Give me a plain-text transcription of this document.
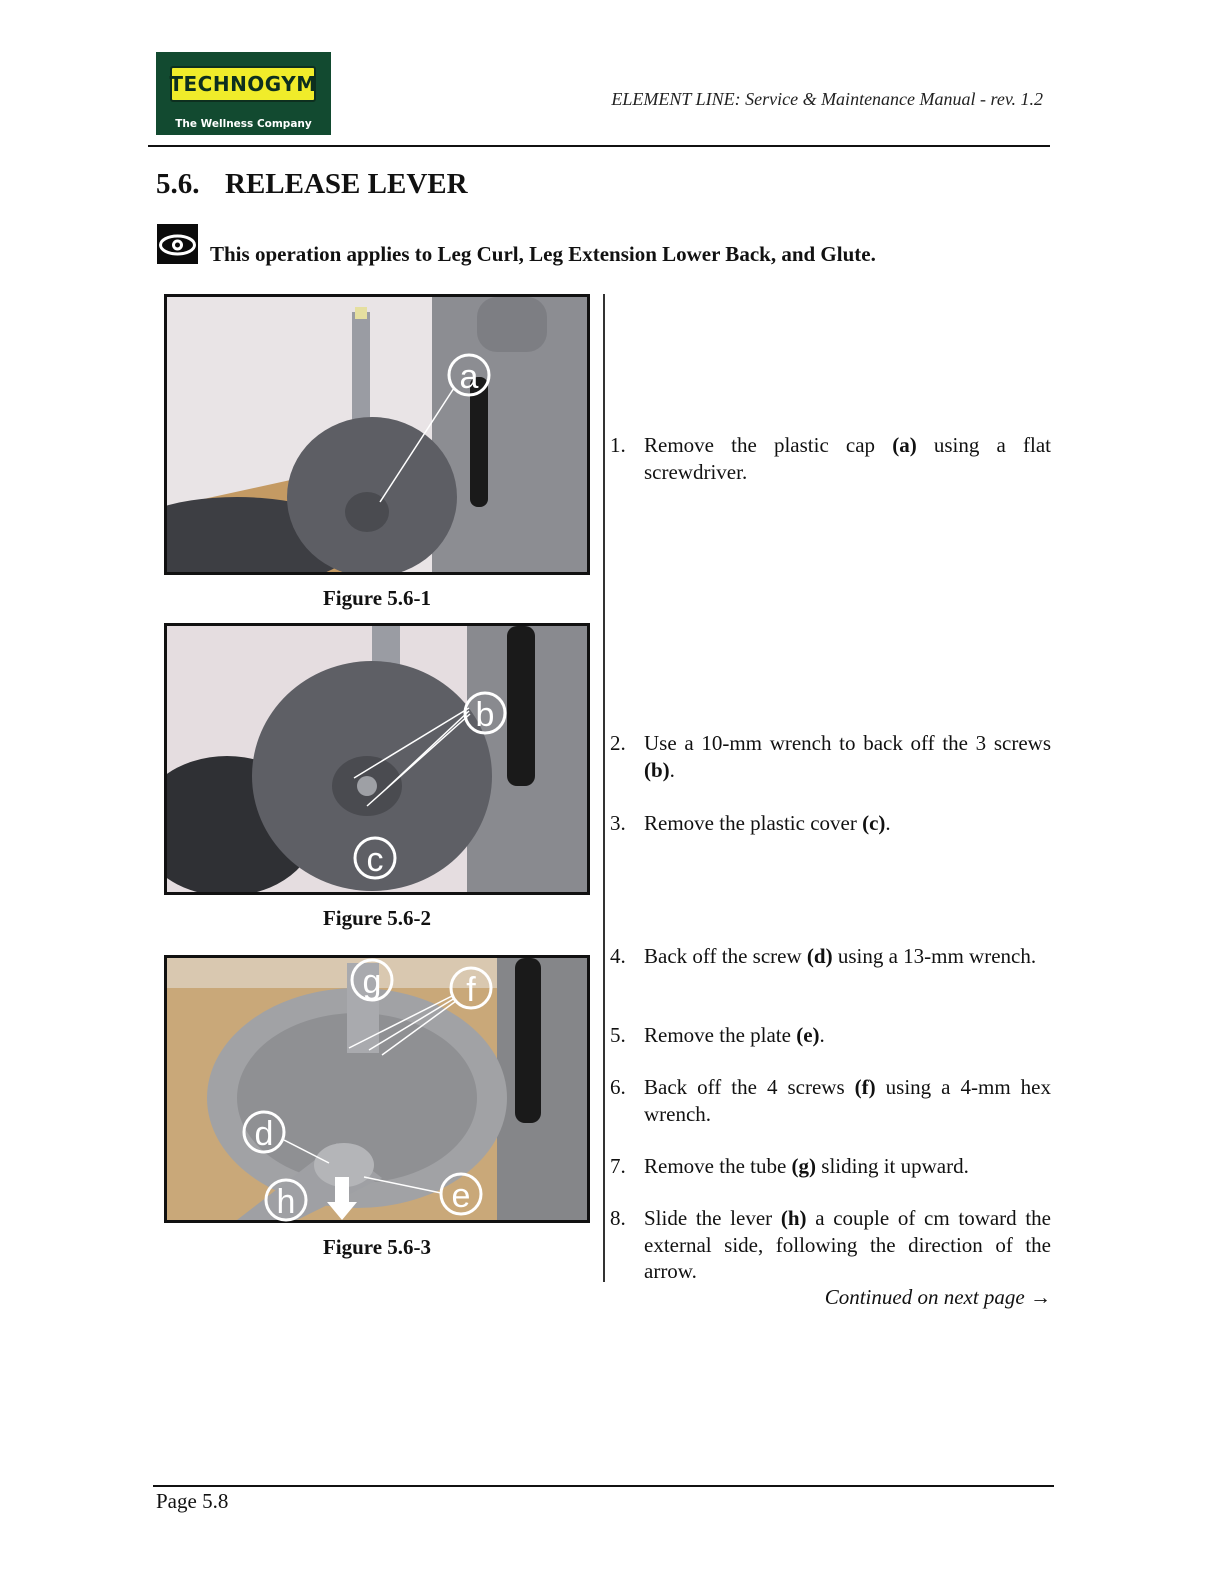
TECHNOGYM
The Wellness Company
ELEMENT LINE: Service & Maintenance Manual - rev. 1.2
5.6. RELEASE LEVER
This operation applies to Leg Curl, Leg Extension Lower Back, and Glute.
a
Figure 5.6-1
b
c
Figure 5.6-2
g f
d
h	e
Figure 5.6-3
1. Remove the plastic cap (a) using a flat screwdriver.
2. Use a 10-mm wrench to back off the 3 screws (b).
3. Remove the plastic cover (c).
4. Back off the screw (d) using a 13-mm wrench.
5. Remove the plate (e).
6. Back off the 4 screws (f) using a 4-mm hex wrench.
7. Remove the tube (g) sliding it upward.
8. Slide the lever (h) a couple of cm toward the external side, following the direction of the arrow.
Continued on next page →
Page 5.8
